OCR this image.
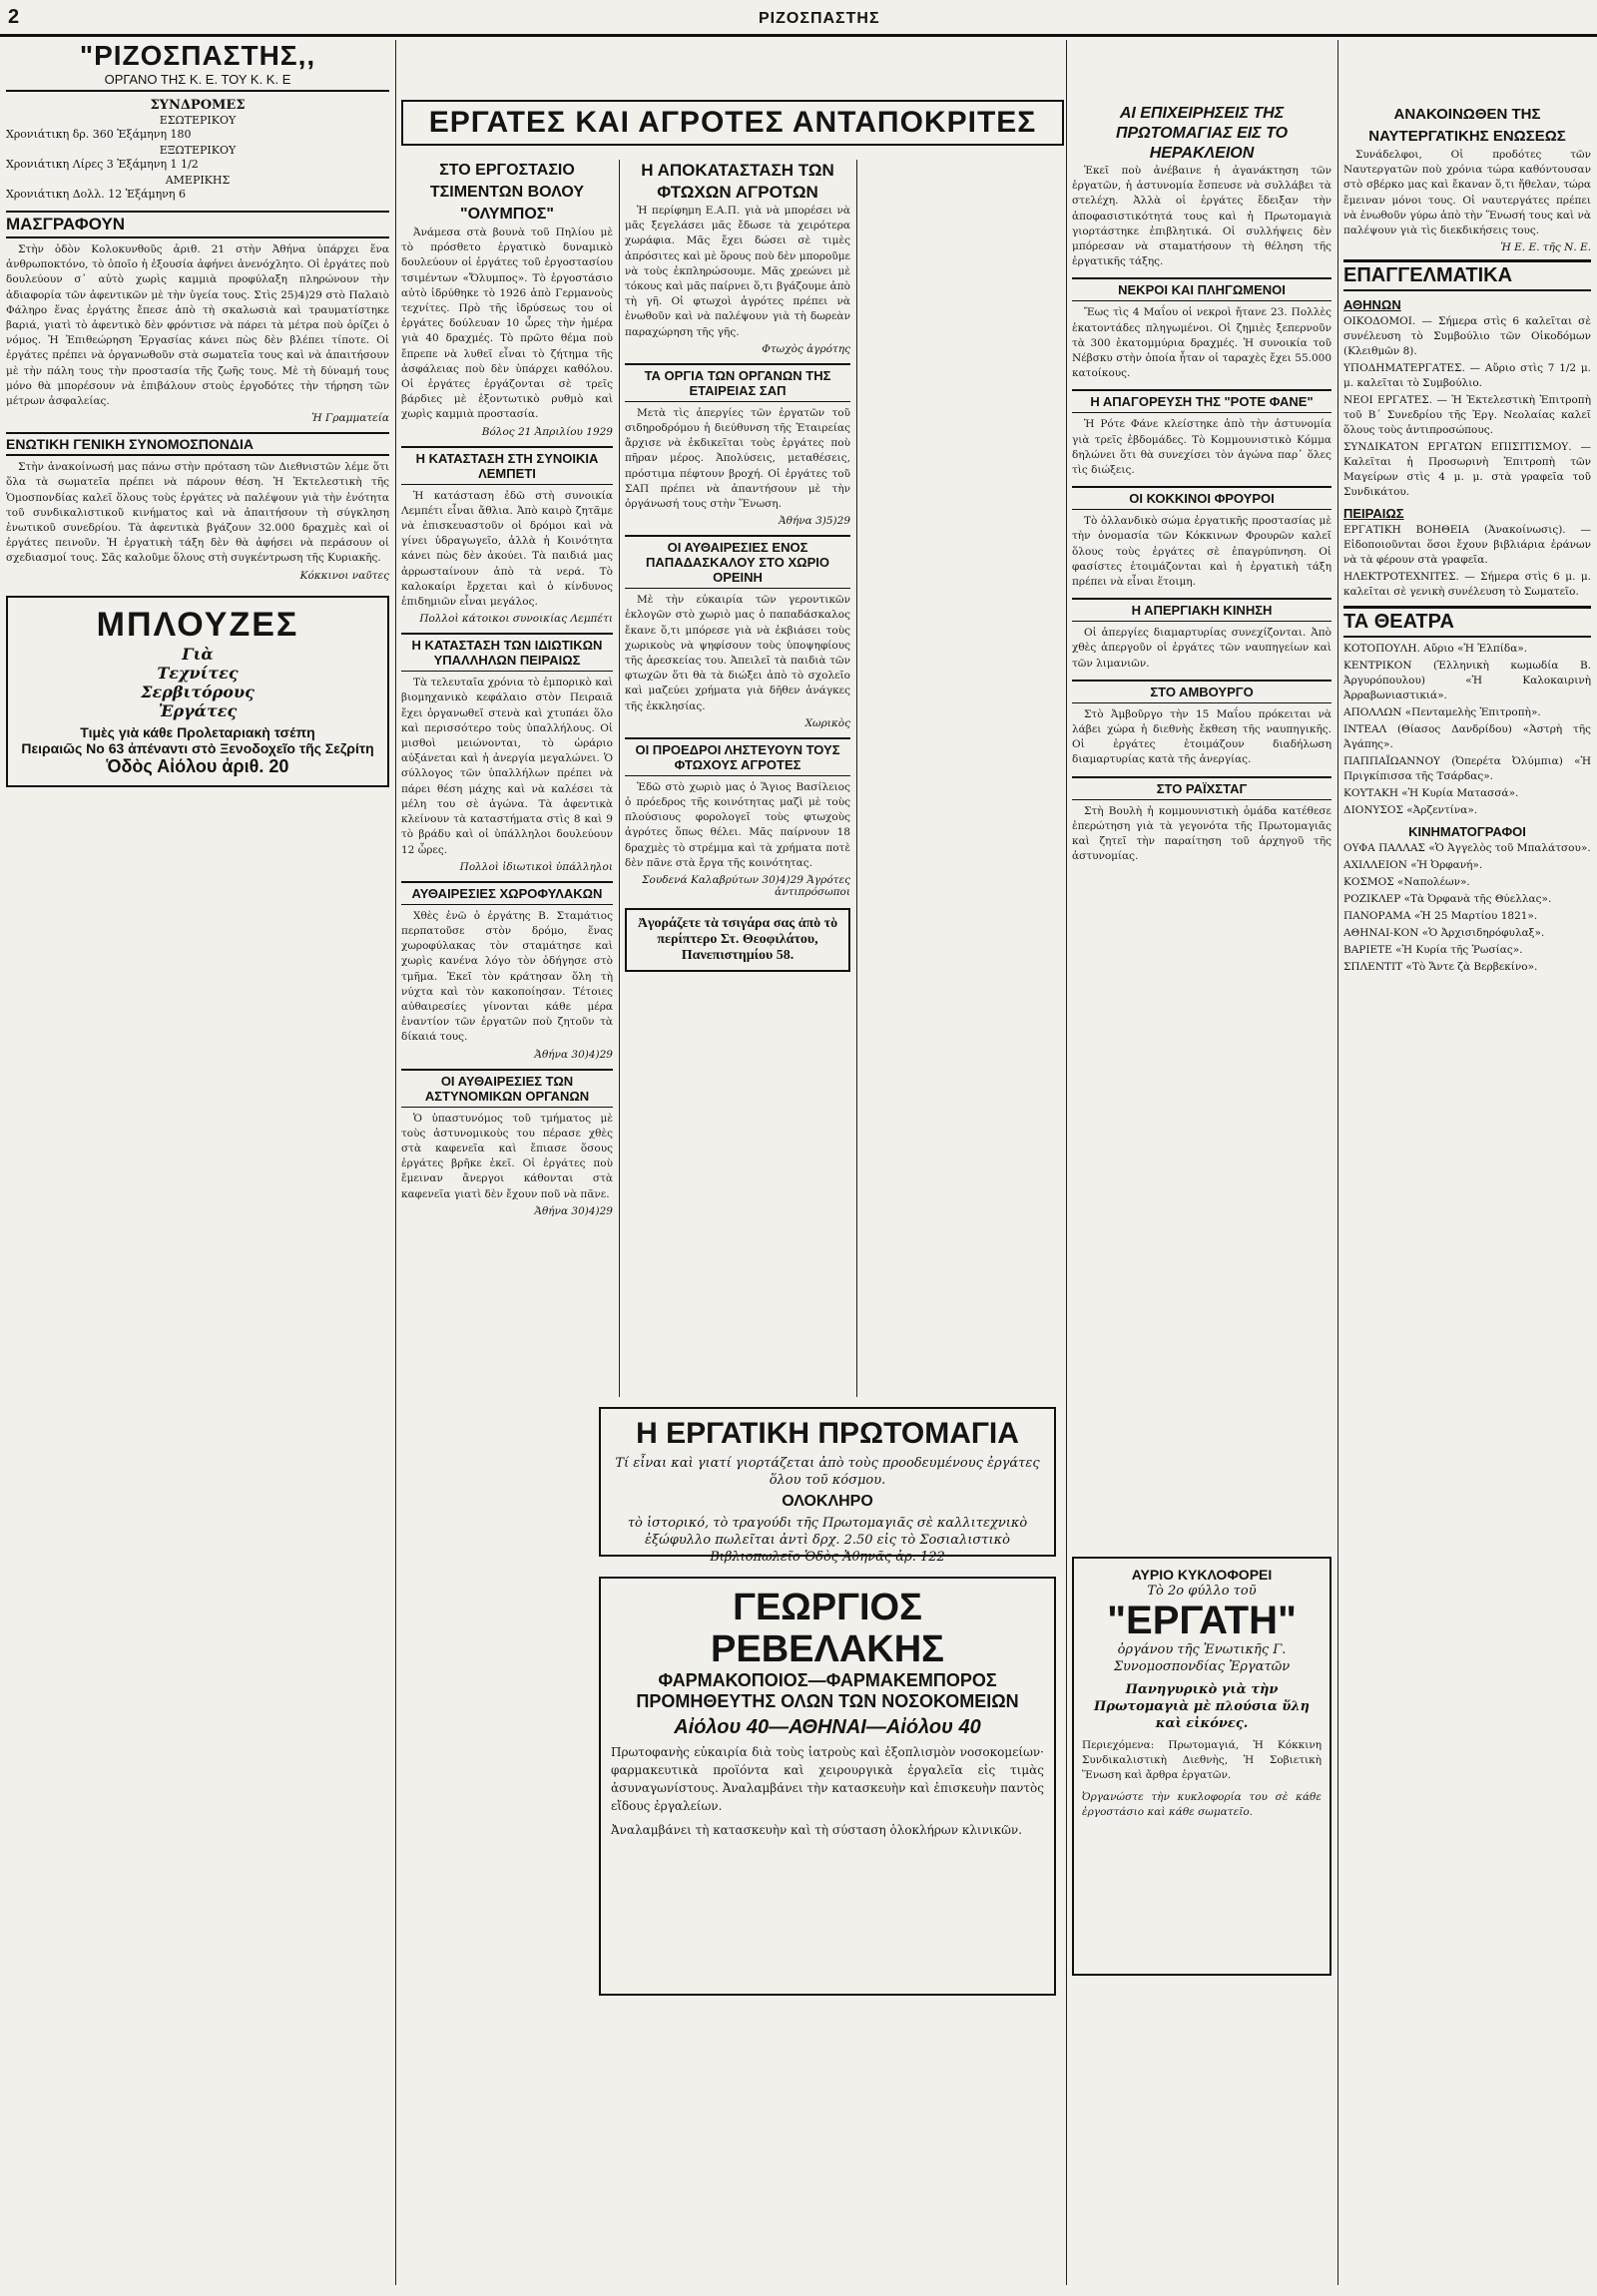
2	ΡΙΖΟΣΠΑΣΤΗΣ
"ΡΙΖΟΣΠΑΣΤΗΣ,,
ΟΡΓΑΝΟ ΤΗΣ Κ. Ε. ΤΟΥ Κ. Κ. Ε
ΣΥΝΔΡΟΜΕΣ
ΕΣΩΤΕΡΙΚΟΥ
Χρονιάτικη δρ. 360 Ἑξάμηνη 180
ΕΞΩΤΕΡΙΚΟΥ
Χρονιάτικη Λίρες 3 Ἑξάμηνη 1 1/2
ΑΜΕΡΙΚΗΣ
Χρονιάτικη Δολλ. 12 Ἑξάμηνη 6
ΜΑΣΓΡΑΦΟΥΝ

Στὴν ὁδὸν Κολοκυνθοῦς ἀριθ. 21 στὴν Ἀθήνα ὑπάρχει ἕνα ἀνθρωποκτόνο, τὸ ὁποῖο ἡ ἐξουσία ἀφήνει ἀνενόχλητο. Οἱ ἐργάτες ποὺ δουλεύουν σ᾿ αὐτὸ χωρὶς καμμιὰ προφύλαξη πληρώνουν τὴν ἀδιαφορία τῶν ἀφεντικῶν μὲ τὴν ὑγεία τους. Στὶς 25)4)29 στὸ Παλαιὸ Φάληρο ἕνας ἐργάτης ἔπεσε ἀπὸ τὴ σκαλωσιὰ καὶ τραυματίστηκε βαριά, γιατὶ τὸ ἀφεντικὸ δὲν φρόντισε νὰ πάρει τὰ μέτρα ποὺ ὁρίζει ὁ νόμος. Ἡ Ἐπιθεώρηση Ἐργασίας κάνει πὼς δὲν βλέπει τίποτε. Οἱ ἐργάτες πρέπει νὰ ὀργανωθοῦν στὰ σωματεῖα τους καὶ νὰ ἀπαιτήσουν μὲ τὴν πάλη τους τὴν προστασία τῆς ζωῆς τους. Μὲ τὴ δύναμή τους μόνο θὰ μπορέσουν νὰ ἐπιβάλουν στοὺς ἐργοδότες τὴν τήρηση τῶν μέτρων ἀσφαλείας.

Ἡ Γραμματεία
ΕΝΩΤΙΚΗ ΓΕΝΙΚΗ ΣΥΝΟΜΟΣΠΟΝΔΙΑ

Στὴν ἀνακοίνωσή μας πάνω στὴν πρόταση τῶν Διεθνιστῶν λέμε ὅτι ὅλα τὰ σωματεῖα πρέπει νὰ πάρουν θέση. Ἡ Ἐκτελεστικὴ τῆς Ὁμοσπονδίας καλεῖ ὅλους τοὺς ἐργάτες νὰ παλέψουν γιὰ τὴν ἑνότητα τοῦ συνδικαλιστικοῦ κινήματος καὶ νὰ ἀπαιτήσουν τὴ σύγκληση ἑνωτικοῦ συνεδρίου. Τὰ ἀφεντικὰ βγάζουν 32.000 δραχμὲς καὶ οἱ ἐργάτες πεινοῦν. Ἡ ἐργατικὴ τάξη δὲν θὰ ἀφήσει νὰ περάσουν οἱ σχεδιασμοί τους. Σᾶς καλοῦμε ὅλους στὴ συγκέντρωση τῆς Κυριακῆς.

Κόκκινοι ναῦτες
ΜΠΛΟΥΖΕΣ
Γιὰ
Τεχνίτες
Σερβιτόρους
Ἐργάτες
Τιμὲς γιὰ κάθε Προλεταριακὴ τσέπη
Πειραιῶς Νο 63 ἀπέναντι στὸ Ξενοδοχεῖο τῆς Σεζρίτη
Ὁδὸς Αἰόλου ἀριθ. 20
ΕΡΓΑΤΕΣ ΚΑΙ ΑΓΡΟΤΕΣ ΑΝΤΑΠΟΚΡΙΤΕΣ
ΣΤΟ ΕΡΓΟΣΤΑΣΙΟ ΤΣΙΜΕΝΤΩΝ ΒΟΛΟΥ "ΟΛΥΜΠΟΣ"

Ἀνάμεσα στὰ βουνὰ τοῦ Πηλίου μὲ τὸ πρόσθετο ἐργατικὸ δυναμικὸ δουλεύουν οἱ ἐργάτες τοῦ ἐργοστασίου τσιμέντων «Ὄλυμπος». Τὸ ἐργοστάσιο αὐτὸ ἱδρύθηκε τὸ 1926 ἀπὸ Γερμανοὺς τεχνίτες. Πρὸ τῆς ἱδρύσεως του οἱ ἐργάτες δούλευαν 10 ὧρες τὴν ἡμέρα γιὰ 40 δραχμές. Τὸ πρῶτο θέμα ποὺ ἔπρεπε νὰ λυθεῖ εἶναι τὸ ζήτημα τῆς ἀσφάλειας ποὺ δὲν ὑπάρχει καθόλου. Οἱ ἐργάτες ἐργάζονται σὲ τρεῖς βάρδιες μὲ ἐξοντωτικὸ ρυθμὸ καὶ χωρὶς καμμιὰ προστασία.

Βόλος 21 Ἀπριλίου 1929
Η ΚΑΤΑΣΤΑΣΗ ΣΤΗ ΣΥΝΟΙΚΙΑ ΛΕΜΠΕΤΙ

Ἡ κατάσταση ἐδῶ στὴ συνοικία Λεμπέτι εἶναι ἄθλια. Ἀπὸ καιρὸ ζητᾶμε νὰ ἐπισκευαστοῦν οἱ δρόμοι καὶ νὰ γίνει ὑδραγωγεῖο, ἀλλὰ ἡ Κοινότητα κάνει πὼς δὲν ἀκούει. Τὰ παιδιά μας ἀρρωσταίνουν ἀπὸ τὰ νερά. Τὸ καλοκαίρι ἔρχεται καὶ ὁ κίνδυνος ἐπιδημιῶν εἶναι μεγάλος.

Πολλοὶ κάτοικοι συνοικίας Λεμπέτι
Η ΚΑΤΑΣΤΑΣΗ ΤΩΝ ΙΔΙΩΤΙΚΩΝ ΥΠΑΛΛΗΛΩΝ ΠΕΙΡΑΙΩΣ

Τὰ τελευταῖα χρόνια τὸ ἐμπορικὸ καὶ βιομηχανικὸ κεφάλαιο στὸν Πειραιᾶ ἔχει ὀργανωθεῖ στενὰ καὶ χτυπάει ὅλο καὶ περισσότερο τοὺς ὑπαλλήλους. Οἱ μισθοὶ μειώνονται, τὸ ὡράριο αὐξάνεται καὶ ἡ ἀνεργία μεγαλώνει. Ὁ σύλλογος τῶν ὑπαλλήλων πρέπει νὰ πάρει θέση μάχης καὶ νὰ καλέσει τὰ μέλη του σὲ ἀγώνα. Τὰ ἀφεντικὰ κλείνουν τὰ καταστήματα στὶς 8 καὶ 9 τὸ βράδυ καὶ οἱ ὑπάλληλοι δουλεύουν 12 ὧρες.

Πολλοὶ ἰδιωτικοὶ ὑπάλληλοι
ΑΥΘΑΙΡΕΣΙΕΣ ΧΩΡΟΦΥΛΑΚΩΝ

Χθὲς ἐνῶ ὁ ἐργάτης Β. Σταμάτιος περπατοῦσε στὸν δρόμο, ἕνας χωροφύλακας τὸν σταμάτησε καὶ χωρὶς κανένα λόγο τὸν ὁδήγησε στὸ τμῆμα. Ἐκεῖ τὸν κράτησαν ὅλη τὴ νύχτα καὶ τὸν κακοποίησαν. Τέτοιες αὐθαιρεσίες γίνονται κάθε μέρα ἐναντίον τῶν ἐργατῶν ποὺ ζητοῦν τὰ δίκαιά τους.

Ἀθήνα 30)4)29
ΟΙ ΑΥΘΑΙΡΕΣΙΕΣ ΤΩΝ ΑΣΤΥΝΟΜΙΚΩΝ ΟΡΓΑΝΩΝ

Ὁ ὑπαστυνόμος τοῦ τμήματος μὲ τοὺς ἀστυνομικοὺς του πέρασε χθὲς στὰ καφενεῖα καὶ ἔπιασε ὅσους ἐργάτες βρῆκε ἐκεῖ. Οἱ ἐργάτες ποὺ ἔμειναν ἄνεργοι κάθονται στὰ καφενεῖα γιατὶ δὲν ἔχουν ποῦ νὰ πᾶνε.

Ἀθήνα 30)4)29
Η ΑΠΟΚΑΤΑΣΤΑΣΗ ΤΩΝ ΦΤΩΧΩΝ ΑΓΡΟΤΩΝ

Ἡ περίφημη Ε.Α.Π. γιὰ νὰ μπορέσει νὰ μᾶς ξεγελάσει μᾶς ἔδωσε τὰ χειρότερα χωράφια. Μᾶς ἔχει δώσει σὲ τιμὲς ἀπρόσιτες καὶ μὲ ὅρους ποὺ δὲν μποροῦμε νὰ τοὺς ἐκπληρώσουμε. Μᾶς χρεώνει μὲ τόκους καὶ μᾶς παίρνει ὅ,τι βγάζουμε ἀπὸ τὴ γῆ. Οἱ φτωχοὶ ἀγρότες πρέπει νὰ ἑνωθοῦν καὶ νὰ παλέψουν γιὰ τὴ δωρεὰν παραχώρηση τῆς γῆς.

Φτωχὸς ἀγρότης
ΤΑ ΟΡΓΙΑ ΤΩΝ ΟΡΓΑΝΩΝ ΤΗΣ ΕΤΑΙΡΕΙΑΣ ΣΑΠ

Μετὰ τὶς ἀπεργίες τῶν ἐργατῶν τοῦ σιδηροδρόμου ἡ διεύθυνση τῆς Ἑταιρείας ἄρχισε νὰ ἐκδικεῖται τοὺς ἐργάτες ποὺ πῆραν μέρος. Ἀπολύσεις, μεταθέσεις, πρόστιμα πέφτουν βροχή. Οἱ ἐργάτες τοῦ ΣΑΠ πρέπει νὰ ἀπαντήσουν μὲ τὴν ὀργάνωσή τους στὴν Ἕνωση.

Ἀθήνα 3)5)29
ΟΙ ΑΥΘΑΙΡΕΣΙΕΣ ΕΝΟΣ ΠΑΠΑΔΑΣΚΑΛΟΥ ΣΤΟ ΧΩΡΙΟ ΟΡΕΙΝΗ

Μὲ τὴν εὐκαιρία τῶν γεροντικῶν ἐκλογῶν στὸ χωριὸ μας ὁ παπαδάσκαλος ἔκανε ὅ,τι μπόρεσε γιὰ νὰ ἐκβιάσει τοὺς χωρικοὺς νὰ ψηφίσουν τοὺς ὑποψηφίους τῆς ἀρεσκείας του. Ἀπειλεῖ τὰ παιδιὰ τῶν φτωχῶν ὅτι θὰ τὰ διώξει ἀπὸ τὸ σχολεῖο καὶ μαζεύει χρήματα γιὰ δῆθεν ἀνάγκες τῆς ἐκκλησίας.

Χωρικὸς
ΟΙ ΠΡΟΕΔΡΟΙ ΛΗΣΤΕΥΟΥΝ ΤΟΥΣ ΦΤΩΧΟΥΣ ΑΓΡΟΤΕΣ

Ἐδῶ στὸ χωριὸ μας ὁ Ἅγιος Βασίλειος ὁ πρόεδρος τῆς κοινότητας μαζὶ μὲ τοὺς πλούσιους φορολογεῖ τοὺς φτωχοὺς ἀγρότες ὅπως θέλει. Μᾶς παίρνουν 18 δραχμὲς τὸ στρέμμα καὶ τὰ χρήματα ποτὲ δὲν πᾶνε στὰ ἔργα τῆς κοινότητας.

Σουδενά Καλαβρύτων 30)4)29 Ἀγρότες ἀντιπρόσωποι
Ἀγοράζετε τὰ τσιγάρα σας ἀπὸ τὸ περίπτερο Στ. Θεοφιλάτου, Πανεπιστημίου 58.
Η ΕΡΓΑΤΙΚΗ ΠΡΩΤΟΜΑΓΙΑ
Τί εἶναι καὶ γιατί γιορτάζεται ἀπὸ τοὺς προοδευμένους ἐργάτες ὅλου τοῦ κόσμου.
ΟΛΟΚΛΗΡΟ
τὸ ἱστορικό, τὸ τραγούδι τῆς Πρωτομαγιᾶς σὲ καλλιτεχνικὸ ἐξώφυλλο πωλεῖται ἀντὶ δρχ. 2.50 εἰς τὸ Σοσιαλιστικὸ Βιβλιοπωλεῖο Ὁδὸς Ἀθηνᾶς ἀρ. 122
ΓΕΩΡΓΙΟΣ ΡΕΒΕΛΑΚΗΣ
ΦΑΡΜΑΚΟΠΟΙΟΣ—ΦΑΡΜΑΚΕΜΠΟΡΟΣ
ΠΡΟΜΗΘΕΥΤΗΣ ΟΛΩΝ ΤΩΝ ΝΟΣΟΚΟΜΕΙΩΝ
Αἰόλου 40—ΑΘΗΝΑΙ—Αἰόλου 40
Πρωτοφανὴς εὐκαιρία διὰ τοὺς ἰατροὺς καὶ ἐξοπλισμὸν νοσοκομείων· φαρμακευτικὰ προϊόντα καὶ χειρουργικὰ ἐργαλεῖα εἰς τιμὰς ἀσυναγωνίστους. Ἀναλαμβάνει τὴν κατασκευὴν καὶ ἐπισκευὴν παντὸς εἴδους ἐργαλείων.
Ἀναλαμβάνει τὴ κατασκευὴν καὶ τὴ σύσταση ὁλοκλήρων κλινικῶν.
ΑΙ ΕΠΙΧΕΙΡΗΣΕΙΣ ΤΗΣ ΠΡΩΤΟΜΑΓΙΑΣ ΕΙΣ ΤΟ ΗΕΡΑΚΛΕΙΟΝ

Ἐκεῖ ποὺ ἀνέβαινε ἡ ἀγανάκτηση τῶν ἐργατῶν, ἡ ἀστυνομία ἔσπευσε νὰ συλλάβει τὰ στελέχη. Ἀλλὰ οἱ ἐργάτες ἔδειξαν τὴν ἀποφασιστικότητά τους καὶ ἡ Πρωτομαγιὰ γιορτάστηκε ἐπιβλητικά. Οἱ συλλήψεις δὲν μπόρεσαν νὰ σταματήσουν τὴ θέληση τῆς ἐργατικῆς τάξης.

ΝΕΚΡΟΙ ΚΑΙ ΠΛΗΓΩΜΕΝΟΙ

Ἔως τὶς 4 Μαΐου οἱ νεκροὶ ἤτανε 23. Πολλὲς ἑκατοντάδες πληγωμένοι. Οἱ ζημιὲς ξεπερνοῦν τὰ 300 ἑκατομμύρια δραχμές. Ἡ συνοικία τοῦ Νέβσκυ στὴν ὁποία ἦταν οἱ ταραχὲς ἔχει 55.000 κατοίκους.

Η ΑΠΑΓΟΡΕΥΣΗ ΤΗΣ "ΡΟΤΕ ΦΑΝΕ"

Ἡ Ρότε Φάνε κλείστηκε ἀπὸ τὴν ἀστυνομία γιὰ τρεῖς ἑβδομάδες. Τὸ Κομμουνιστικὸ Κόμμα δηλώνει ὅτι θὰ συνεχίσει τὸν ἀγώνα παρ᾿ ὅλες τὶς διώξεις.

ΟΙ ΚΟΚΚΙΝΟΙ ΦΡΟΥΡΟΙ

Τὸ ὀλλανδικὸ σώμα ἐργατικῆς προστασίας μὲ τὴν ὀνομασία τῶν Κόκκινων Φρουρῶν καλεῖ ὅλους τοὺς ἐργάτες σὲ ἐπαγρύπνηση. Οἱ φασίστες ἑτοιμάζονται καὶ ἡ ἐργατικὴ τάξη πρέπει νὰ εἶναι ἕτοιμη.

Η ΑΠΕΡΓΙΑΚΗ ΚΙΝΗΣΗ

Οἱ ἀπεργίες διαμαρτυρίας συνεχίζονται. Ἀπὸ χθὲς ἀπεργοῦν οἱ ἐργάτες τῶν ναυπηγείων καὶ τῶν λιμανιῶν.

ΣΤΟ ΑΜΒΟΥΡΓΟ

Στὸ Ἀμβοῦργο τὴν 15 Μαΐου πρόκειται νὰ λάβει χώρα ἡ διεθνὴς ἔκθεση τῆς ναυπηγικῆς. Οἱ ἐργάτες ἑτοιμάζουν διαδήλωση διαμαρτυρίας κατὰ τῆς ἀνεργίας.

ΣΤΟ ΡΑΪΧΣΤΑΓ

Στὴ Βουλὴ ἡ κομμουνιστικὴ ὁμάδα κατέθεσε ἐπερώτηση γιὰ τὰ γεγονότα τῆς Πρωτομαγιᾶς καὶ ζητεῖ τὴν παραίτηση τοῦ ἀρχηγοῦ τῆς ἀστυνομίας.

ΑΥΡΙΟ ΚΥΚΛΟΦΟΡΕΙ
Τὸ 2ο φύλλο τοῦ
"ΕΡΓΑΤΗ"
ὀργάνου τῆς Ἑνωτικῆς Γ. Συνομοσπονδίας Ἐργατῶν
Πανηγυρικὸ γιὰ τὴν Πρωτομαγιὰ μὲ πλούσια ὕλη καὶ εἰκόνες.
Περιεχόμενα: Πρωτομαγιά, Ἡ Κόκκινη Συνδικαλιστικὴ Διεθνὴς, Ἡ Σοβιετικὴ Ἕνωση καὶ ἄρθρα ἐργατῶν.
Ὀργανώστε τὴν κυκλοφορία του σὲ κάθε ἐργοστάσιο καὶ κάθε σωματεῖο.
ΑΝΑΚΟΙΝΩΘΕΝ ΤΗΣ ΝΑΥΤΕΡΓΑΤΙΚΗΣ ΕΝΩΣΕΩΣ

Συνάδελφοι, Οἱ προδότες τῶν Ναυτεργατῶν ποὺ χρόνια τώρα καθόντουσαν στὸ σβέρκο μας καὶ ἔκαναν ὅ,τι ἤθελαν, τώρα ἔμειναν μόνοι τους. Οἱ ναυτεργάτες πρέπει νὰ ἐνωθοῦν γύρω ἀπὸ τὴν Ἕνωσή τους καὶ νὰ παλέψουν γιὰ τὶς διεκδικήσεις τους.

Ἡ Ε. Ε. τῆς Ν. Ε.
ΕΠΑΓΓΕΛΜΑΤΙΚΑ
ΑΘΗΝΩΝ
ΟΙΚΟΔΟΜΟΙ. — Σήμερα στὶς 6 καλεῖται σὲ συνέλευση τὸ Συμβούλιο τῶν Οἰκοδόμων (Κλειθμῶν 8).
ΥΠΟΔΗΜΑΤΕΡΓΑΤΕΣ. — Αὔριο στὶς 7 1/2 μ. μ. καλεῖται τὸ Συμβούλιο.
ΝΕΟΙ ΕΡΓΑΤΕΣ. — Ἡ Ἐκτελεστικὴ Ἐπιτροπὴ τοῦ Β΄ Συνεδρίου τῆς Ἐργ. Νεολαίας καλεῖ ὅλους τοὺς ἀντιπροσώπους.
ΣΥΝΔΙΚΑΤΟΝ ΕΡΓΑΤΩΝ ΕΠΙΣΙΤΙΣΜΟΥ. — Καλεῖται ἡ Προσωρινὴ Ἐπιτροπὴ τῶν Μαγείρων στὶς 4 μ. μ. στὰ γραφεῖα τοῦ Συνδικάτου.
ΠΕΙΡΑΙΩΣ
ΕΡΓΑΤΙΚΗ ΒΟΗΘΕΙΑ (Ἀνακοίνωσις). — Εἰδοποιοῦνται ὅσοι ἔχουν βιβλιάρια ἐράνων νὰ τὰ φέρουν στὰ γραφεῖα.
ΗΛΕΚΤΡΟΤΕΧΝΙΤΕΣ. — Σήμερα στὶς 6 μ. μ. καλεῖται σὲ γενικὴ συνέλευση τὸ Σωματεῖο.
ΤΑ ΘΕΑΤΡΑ
ΚΟΤΟΠΟΥΛΗ. Αὔριο «Ἡ Ἐλπίδα».
ΚΕΝΤΡΙΚΟΝ (Ἑλληνικὴ κωμωδία Β. Ἀργυρόπουλου) «Ἡ Καλοκαιρινὴ Ἀρραβωνιαστικιά».
ΑΠΟΛΛΩΝ «Πενταμελὴς Ἐπιτροπὴ».
ΙΝΤΕΑΛ (Θίασος Δανδρίδου) «Ἀστρὴ τῆς Ἀγάπης».
ΠΑΠΠΑΪΩΑΝΝΟΥ (Ὀπερέτα Ὀλύμπια) «Ἡ Πριγκίπισσα τῆς Τσάρδας».
ΚΟΥΤΑΚΗ «Ἡ Κυρία Ματασσά».
ΔΙΟΝΥΣΟΣ «Ἀρζεντίνα».
ΚΙΝΗΜΑΤΟΓΡΑΦΟΙ
ΟΥΦΑ ΠΑΛΛΑΣ «Ὁ Ἀγγελὸς τοῦ Μπαλάτσου».
ΑΧΙΛΛΕΙΟΝ «Ἡ Ὀρφανή».
ΚΟΣΜΟΣ «Ναπολέων».
ΡΟΖΙΚΛΕΡ «Τὰ Ὀρφανὰ τῆς Θύελλας».
ΠΑΝΟΡΑΜΑ «Ἡ 25 Μαρτίου 1821».
ΑΘΗΝΑΙ-ΚΟΝ «Ὁ Ἀρχισιδηρόφυλαξ».
ΒΑΡΙΕΤΕ «Ἡ Κυρία τῆς Ῥωσίας».
ΣΠΛΕΝΤΙΤ «Τὸ Ἄντε ζὰ Βερβεκίνο».
